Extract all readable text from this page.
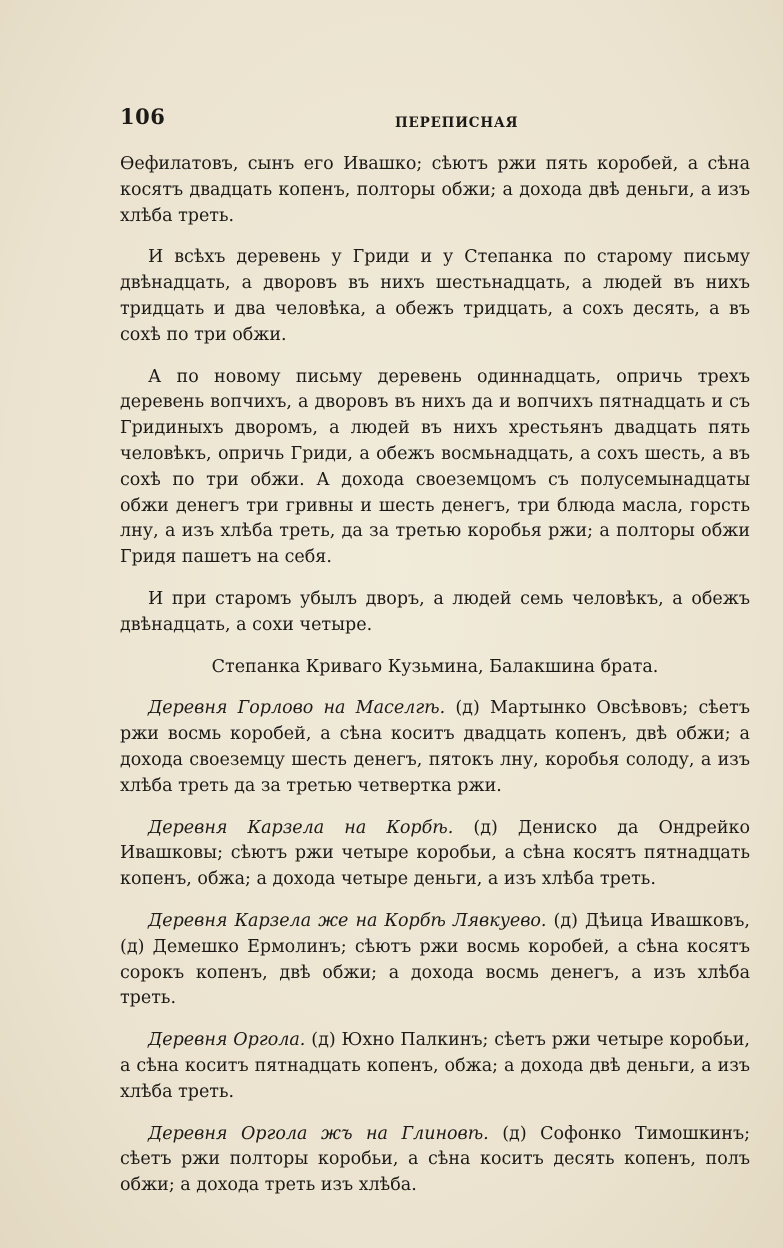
106	ПЕРЕПИСНАЯ

Өефилатовъ, сынъ его Ивашко; сѣютъ ржи пять коробей, а сѣна косятъ двадцать копенъ, полторы обжи; а дохода двѣ деньги, а изъ хлѣба треть.

И всѣхъ деревень у Гриди и у Степанка по старому письму двѣнадцать, а дворовъ въ нихъ шестьнадцать, а людей въ нихъ тридцать и два человѣка, а обежъ тридцать, а сохъ десять, а въ сохѣ по три обжи.

А по новому письму деревень одиннадцать, опричь трехъ деревень вопчихъ, а дворовъ въ нихъ да и вопчихъ пятнадцать и съ Гридиныхъ дворомъ, а людей въ нихъ хрестьянъ двадцать пять человѣкъ, опричь Гриди, а обежъ восмьнадцать, а сохъ шесть, а въ сохѣ по три обжи. А дохода своеземцомъ съ полусемынадцаты обжи денегъ три гривны и шесть денегъ, три блюда масла, горсть лну, а изъ хлѣба треть, да за третью коробья ржи; а полторы обжи Гридя пашетъ на себя.

И при старомъ убылъ дворъ, а людей семь человѣкъ, а обежъ двѣнадцать, а сохи четыре.

Степанка Криваго Кузьмина, Балакшина брата.

Деревня Горлово на Маселгѣ. (д) Мартынко Овсѣвовъ; сѣетъ ржи восмь коробей, а сѣна коситъ двадцать копенъ, двѣ обжи; а дохода своеземцу шесть денегъ, пятокъ лну, коробья солоду, а изъ хлѣба треть да за третью четвертка ржи.

Деревня Карзела на Корбѣ. (д) Дениско да Ондрейко Ивашковы; сѣютъ ржи четыре коробьи, а сѣна косятъ пятнадцать копенъ, обжа; а дохода четыре деньги, а изъ хлѣба треть.

Деревня Карзела же на Корбѣ Лявкуево. (д) Дѣица Ивашковъ, (д) Демешко Ермолинъ; сѣютъ ржи восмь коробей, а сѣна косятъ сорокъ копенъ, двѣ обжи; а дохода восмь денегъ, а изъ хлѣба треть.

Деревня Оргола. (д) Юхно Палкинъ; сѣетъ ржи четыре коробьи, а сѣна коситъ пятнадцать копенъ, обжа; а дохода двѣ деньги, а изъ хлѣба треть.

Деревня Оргола жъ на Глиновѣ. (д) Софонко Тимошкинъ; сѣетъ ржи полторы коробьи, а сѣна коситъ десять копенъ, полъ обжи; а дохода треть изъ хлѣба.
